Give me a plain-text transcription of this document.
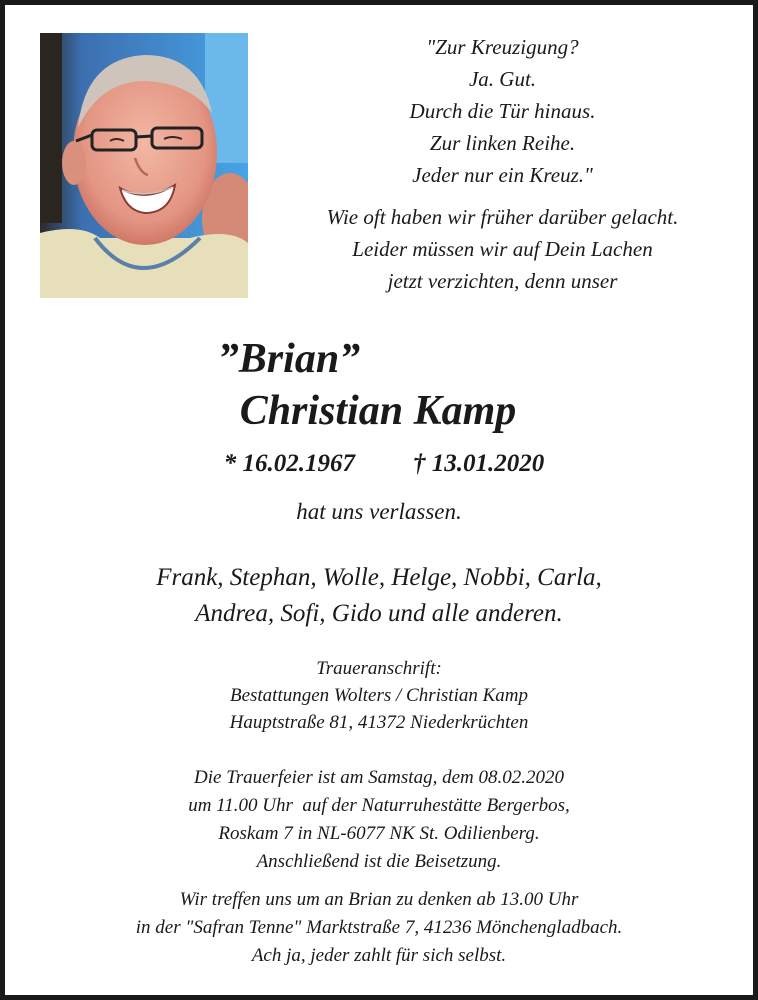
"Zur Kreuzigung?
Ja. Gut.
Durch die Tür hinaus.
Zur linken Reihe.
Jeder nur ein Kreuz."
Wie oft haben wir früher darüber gelacht.
Leider müssen wir auf Dein Lachen
jetzt verzichten, denn unser
”Brian”
Christian Kamp
* 16.02.1967 † 13.01.2020
hat uns verlassen.
Frank, Stephan, Wolle, Helge, Nobbi, Carla,
Andrea, Sofi, Gido und alle anderen.
Traueranschrift:
Bestattungen Wolters / Christian Kamp
Hauptstraße 81, 41372 Niederkrüchten
Die Trauerfeier ist am Samstag, dem 08.02.2020
um 11.00 Uhr  auf der Naturruhestätte Bergerbos,
Roskam 7 in NL-6077 NK St. Odilienberg.
Anschließend ist die Beisetzung.
Wir treffen uns um an Brian zu denken ab 13.00 Uhr
in der "Safran Tenne" Marktstraße 7, 41236 Mönchengladbach.
Ach ja, jeder zahlt für sich selbst.
